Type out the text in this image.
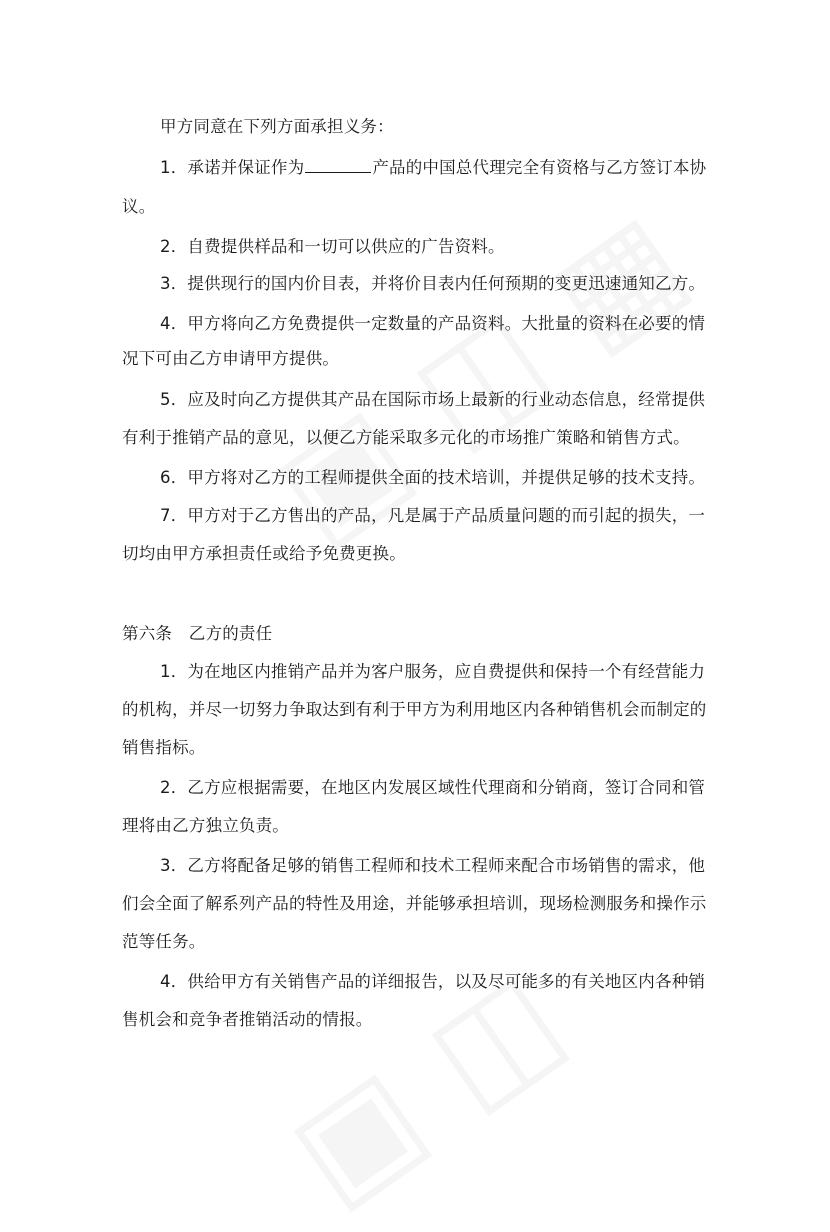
甲方同意在下列方面承担义务：
1．承诺并保证作为	产品的中国总代理完全有资格与乙方签订本协
议。
2．自费提供样品和一切可以供应的广告资料。
3．提供现行的国内价目表，并将价目表内任何预期的变更迅速通知乙方。
4．甲方将向乙方免费提供一定数量的产品资料。大批量的资料在必要的情
况下可由乙方申请甲方提供。
5．应及时向乙方提供其产品在国际市场上最新的行业动态信息，经常提供
有利于推销产品的意见，以便乙方能采取多元化的市场推广策略和销售方式。
6．甲方将对乙方的工程师提供全面的技术培训，并提供足够的技术支持。
7．甲方对于乙方售出的产品，凡是属于产品质量问题的而引起的损失，一
切均由甲方承担责任或给予免费更换。
第六条　乙方的责任
1．为在地区内推销产品并为客户服务，应自费提供和保持一个有经营能力
的机构，并尽一切努力争取达到有利于甲方为利用地区内各种销售机会而制定的
销售指标。
2．乙方应根据需要，在地区内发展区域性代理商和分销商，签订合同和管
理将由乙方独立负责。
3．乙方将配备足够的销售工程师和技术工程师来配合市场销售的需求，他
们会全面了解系列产品的特性及用途，并能够承担培训，现场检测服务和操作示
范等任务。
4．供给甲方有关销售产品的详细报告，以及尽可能多的有关地区内各种销
售机会和竞争者推销活动的情报。
